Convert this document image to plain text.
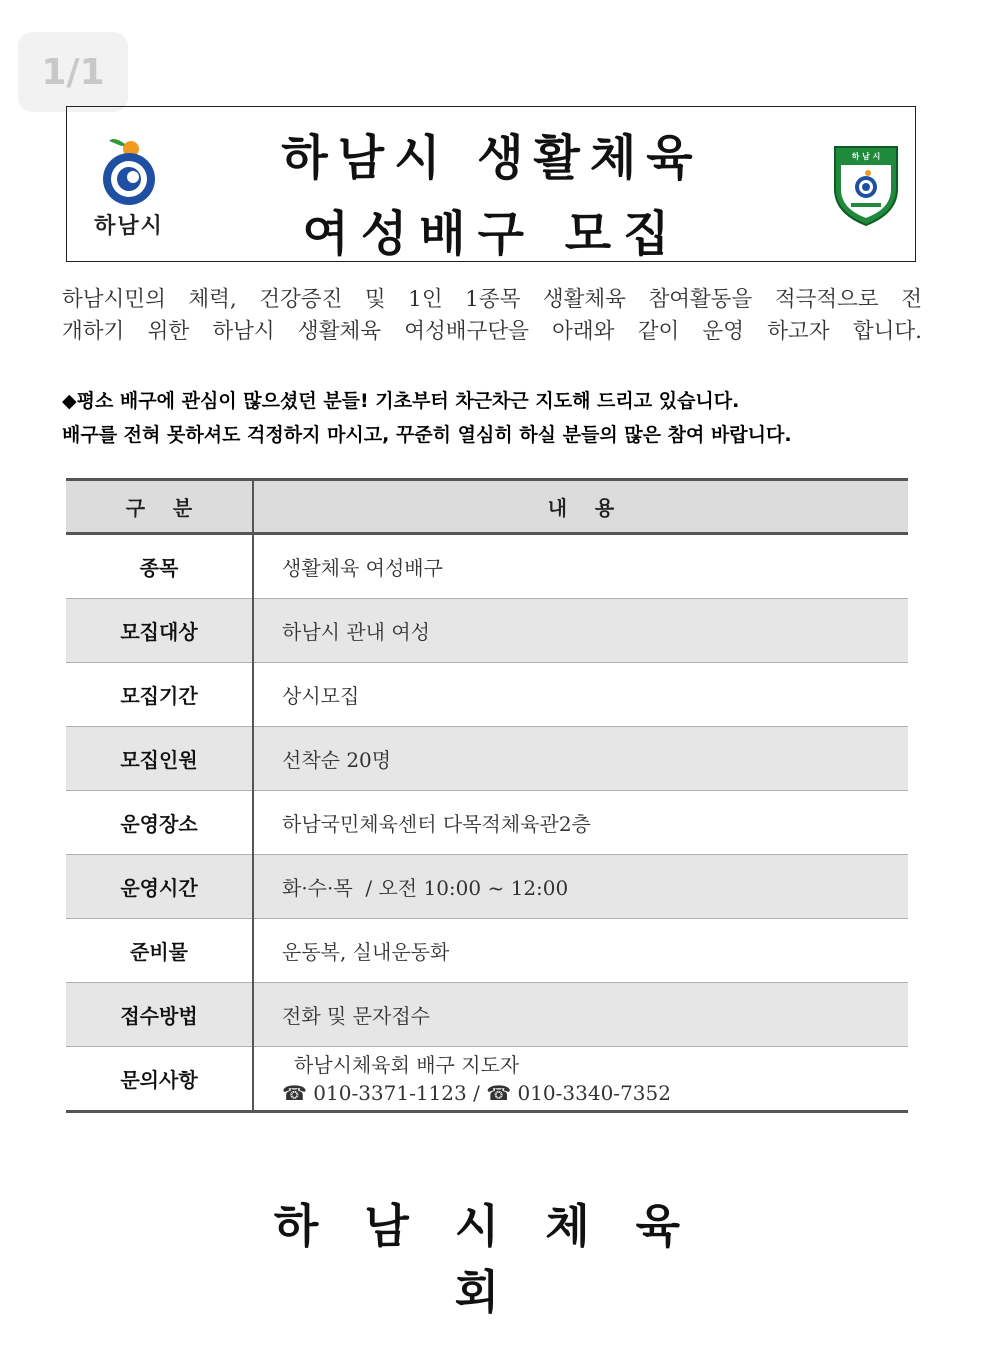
1/1
하남시
하남시 생활체육
여성배구 모집
하 남 시

하남시민의 체력, 건강증진 및 1인 1종목 생활체육 참여활동을 적극적으로 전

개하기 위한 하남시 생활체육 여성배구단을 아래와 같이 운영 하고자 합니다.

◆평소 배구에 관심이 많으셨던 분들! 기초부터 차근차근 지도해 드리고 있습니다.

배구를 전혀 못하셔도 걱정하지 마시고, 꾸준히 열심히 하실 분들의 많은 참여 바랍니다.

구    분	내    용
종목	생활체육 여성배구
모집대상	하남시 관내 여성
모집기간	상시모집
모집인원	선착순 20명
운영장소	하남국민체육센터 다목적체육관2층
운영시간	화·수·목  / 오전 10:00 ~ 12:00
준비물	운동복, 실내운동화
접수방법	전화 및 문자접수
문의사항	하남시체육회 배구 지도자
☎ 010-3371-1123 / ☎ 010-3340-7352
하남시체육회
